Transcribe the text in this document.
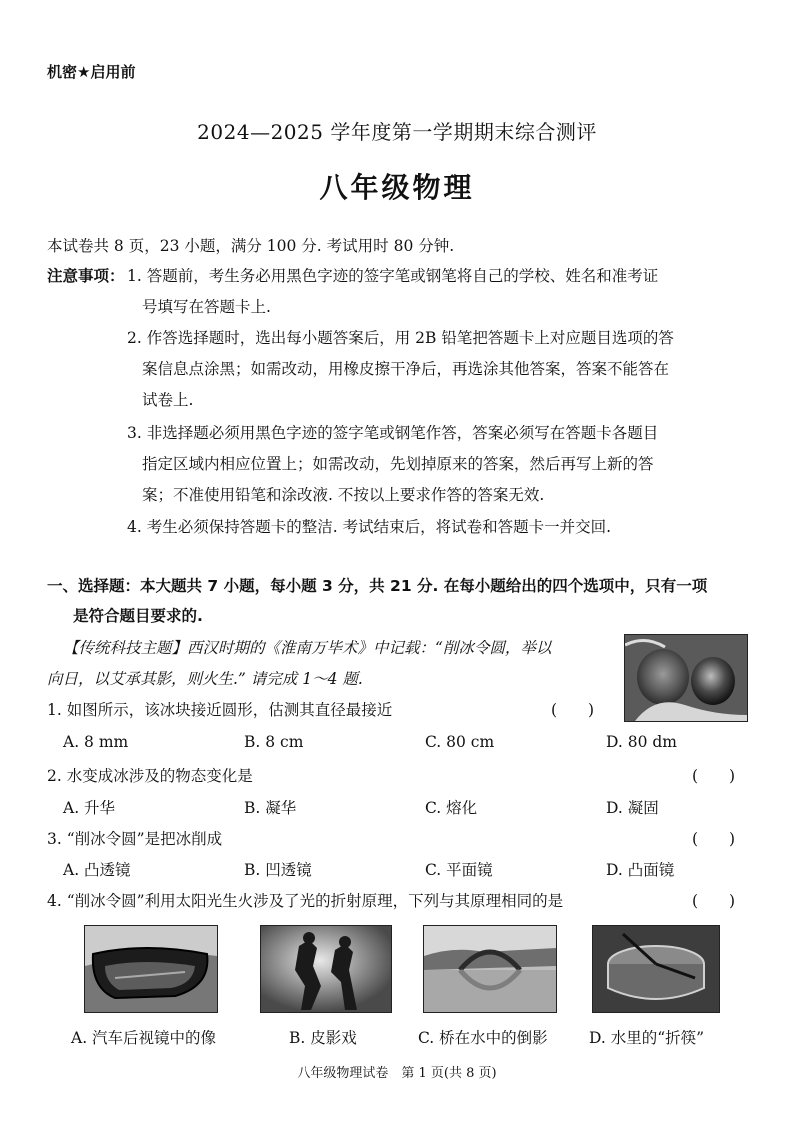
机密★启用前
2024—2025 学年度第一学期期末综合测评
八年级物理
本试卷共 8 页，23 小题，满分 100 分. 考试用时 80 分钟.
注意事项： 1. 答题前，考生务必用黑色字迹的签字笔或钢笔将自己的学校、姓名和准考证
号填写在答题卡上.
2. 作答选择题时，选出每小题答案后，用 2B 铅笔把答题卡上对应题目选项的答
案信息点涂黑；如需改动，用橡皮擦干净后，再选涂其他答案，答案不能答在
试卷上.
3. 非选择题必须用黑色字迹的签字笔或钢笔作答，答案必须写在答题卡各题目
指定区域内相应位置上；如需改动，先划掉原来的答案，然后再写上新的答
案；不准使用铅笔和涂改液. 不按以上要求作答的答案无效.
4. 考生必须保持答题卡的整洁. 考试结束后，将试卷和答题卡一并交回.
一、选择题：本大题共 7 小题，每小题 3 分，共 21 分. 在每小题给出的四个选项中，只有一项
是符合题目要求的.
【传统科技主题】西汉时期的《淮南万毕术》中记载：“削冰令圆，举以
向日，以艾承其影，则火生.” 请完成 1～4 题.
1. 如图所示，该冰块接近圆形，估测其直径最接近	(　　)
A. 8 mm	B. 8 cm	C. 80 cm	D. 80 dm
2. 水变成冰涉及的物态变化是	(　　)
A. 升华	B. 凝华	C. 熔化	D. 凝固
3. “削冰令圆”是把冰削成	(　　)
A. 凸透镜	B. 凹透镜	C. 平面镜	D. 凸面镜
4. “削冰令圆”利用太阳光生火涉及了光的折射原理，下列与其原理相同的是	(　　)
A. 汽车后视镜中的像	B. 皮影戏	C. 桥在水中的倒影	D. 水里的“折筷”
八年级物理试卷　第 1 页(共 8 页)
